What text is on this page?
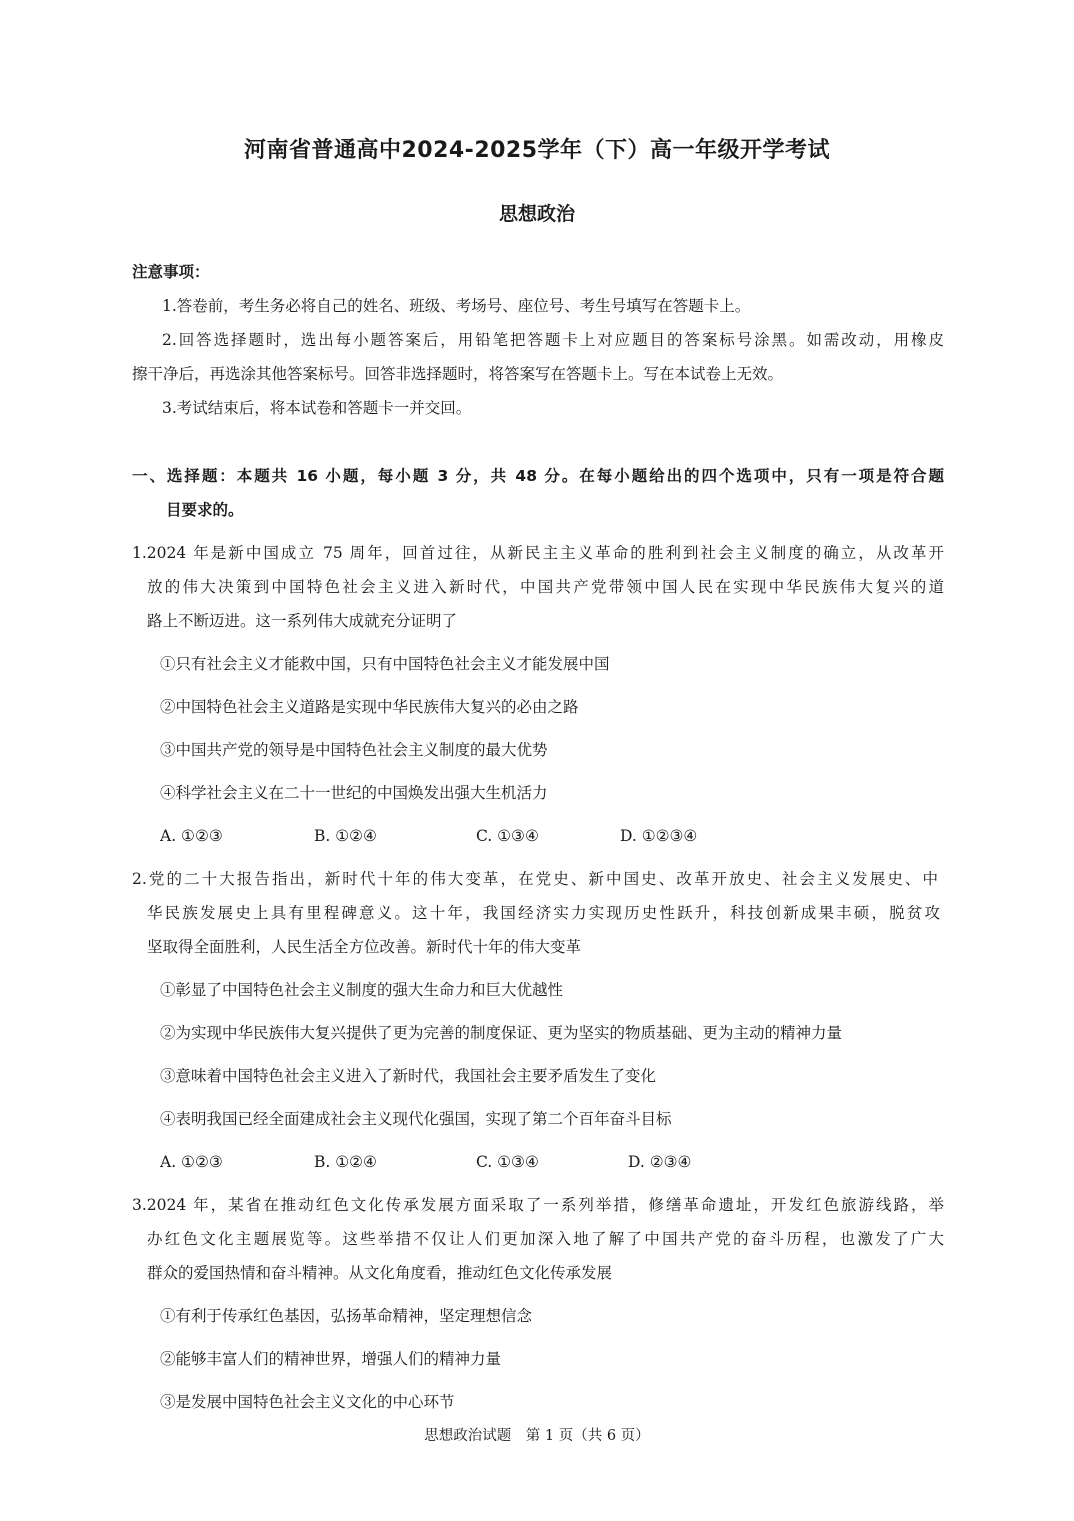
河南省普通高中2024-2025学年（下）高一年级开学考试
思想政治
注意事项：
1.答卷前，考生务必将自己的姓名、班级、考场号、座位号、考生号填写在答题卡上。
2.回答选择题时，选出每小题答案后，用铅笔把答题卡上对应题目的答案标号涂黑。如需改动，用橡皮
擦干净后，再选涂其他答案标号。回答非选择题时，将答案写在答题卡上。写在本试卷上无效。
3.考试结束后，将本试卷和答题卡一并交回。
一、选择题：本题共 16 小题，每小题 3 分，共 48 分。在每小题给出的四个选项中，只有一项是符合题
目要求的。
1.2024 年是新中国成立 75 周年，回首过往，从新民主主义革命的胜利到社会主义制度的确立，从改革开
放的伟大决策到中国特色社会主义进入新时代，中国共产党带领中国人民在实现中华民族伟大复兴的道
路上不断迈进。这一系列伟大成就充分证明了
①只有社会主义才能救中国，只有中国特色社会主义才能发展中国
②中国特色社会主义道路是实现中华民族伟大复兴的必由之路
③中国共产党的领导是中国特色社会主义制度的最大优势
④科学社会主义在二十一世纪的中国焕发出强大生机活力
A. ①②③	B. ①②④	C. ①③④	D. ①②③④
2.党的二十大报告指出，新时代十年的伟大变革，在党史、新中国史、改革开放史、社会主义发展史、中
华民族发展史上具有里程碑意义。这十年，我国经济实力实现历史性跃升，科技创新成果丰硕，脱贫攻
坚取得全面胜利，人民生活全方位改善。新时代十年的伟大变革
①彰显了中国特色社会主义制度的强大生命力和巨大优越性
②为实现中华民族伟大复兴提供了更为完善的制度保证、更为坚实的物质基础、更为主动的精神力量
③意味着中国特色社会主义进入了新时代，我国社会主要矛盾发生了变化
④表明我国已经全面建成社会主义现代化强国，实现了第二个百年奋斗目标
A. ①②③	B. ①②④	C. ①③④	D. ②③④
3.2024 年，某省在推动红色文化传承发展方面采取了一系列举措，修缮革命遗址，开发红色旅游线路，举
办红色文化主题展览等。这些举措不仅让人们更加深入地了解了中国共产党的奋斗历程，也激发了广大
群众的爱国热情和奋斗精神。从文化角度看，推动红色文化传承发展
①有利于传承红色基因，弘扬革命精神，坚定理想信念
②能够丰富人们的精神世界，增强人们的精神力量
③是发展中国特色社会主义文化的中心环节
思想政治试题　第 1 页（共 6 页）
